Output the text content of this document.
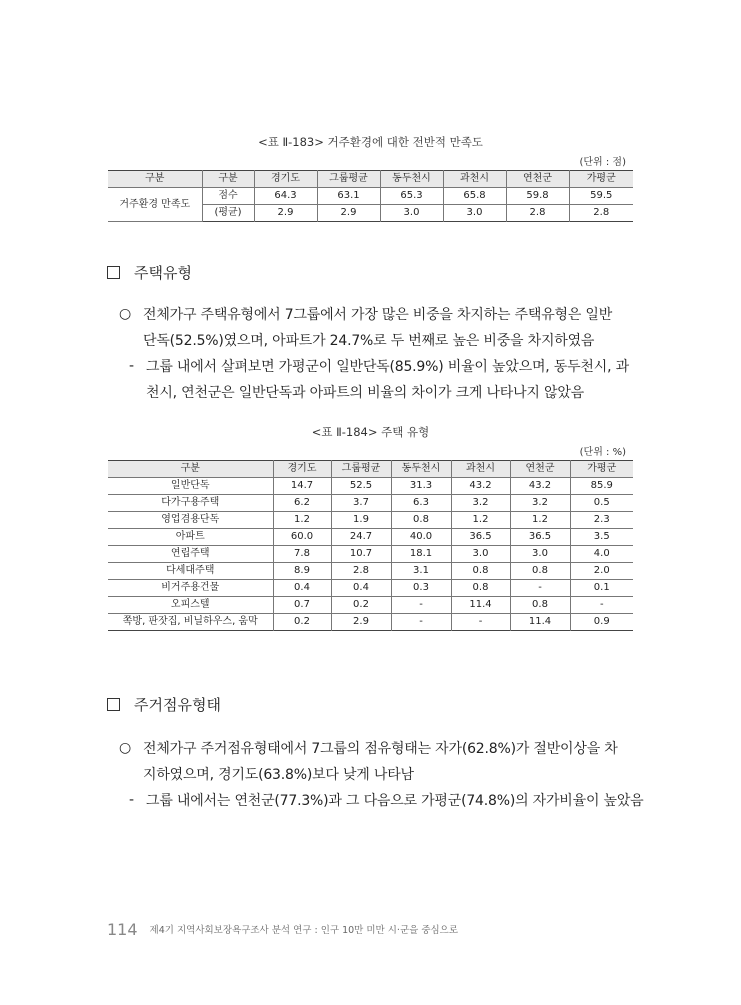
<표 Ⅱ-183> 거주환경에 대한 전반적 만족도
(단위 : 점)
구분	구분	경기도	그룹평균	동두천시	과천시	연천군	가평군
거주환경 만족도	점수	64.3	63.1	65.3	65.8	59.8	59.5
	(평균)	2.9	2.9	3.0	3.0	2.8	2.8
주택유형
○ 전체가구 주택유형에서 7그룹에서 가장 많은 비중을 차지하는 주택유형은 일반
단독(52.5%)였으며, 아파트가 24.7%로 두 번째로 높은 비중을 차지하였음
- 그룹 내에서 살펴보면 가평군이 일반단독(85.9%) 비율이 높았으며, 동두천시, 과
천시, 연천군은 일반단독과 아파트의 비율의 차이가 크게 나타나지 않았음
<표 Ⅱ-184> 주택 유형
(단위 : %)
구분	경기도	그룹평균	동두천시	과천시	연천군	가평군
일반단독	14.7	52.5	31.3	43.2	43.2	85.9
다가구용주택	6.2	3.7	6.3	3.2	3.2	0.5
영업겸용단독	1.2	1.9	0.8	1.2	1.2	2.3
아파트	60.0	24.7	40.0	36.5	36.5	3.5
연립주택	7.8	10.7	18.1	3.0	3.0	4.0
다세대주택	8.9	2.8	3.1	0.8	0.8	2.0
비거주용건물	0.4	0.4	0.3	0.8	-	0.1
오피스텔	0.7	0.2	-	11.4	0.8	-
쪽방, 판잣집, 비닐하우스, 움막	0.2	2.9	-	-	11.4	0.9
주거점유형태
○ 전체가구 주거점유형태에서 7그룹의 점유형태는 자가(62.8%)가 절반이상을 차
지하였으며, 경기도(63.8%)보다 낮게 나타남
- 그룹 내에서는 연천군(77.3%)과 그 다음으로 가평군(74.8%)의 자가비율이 높았음
114 제4기 지역사회보장욕구조사 분석 연구 : 인구 10만 미만 시·군을 중심으로
